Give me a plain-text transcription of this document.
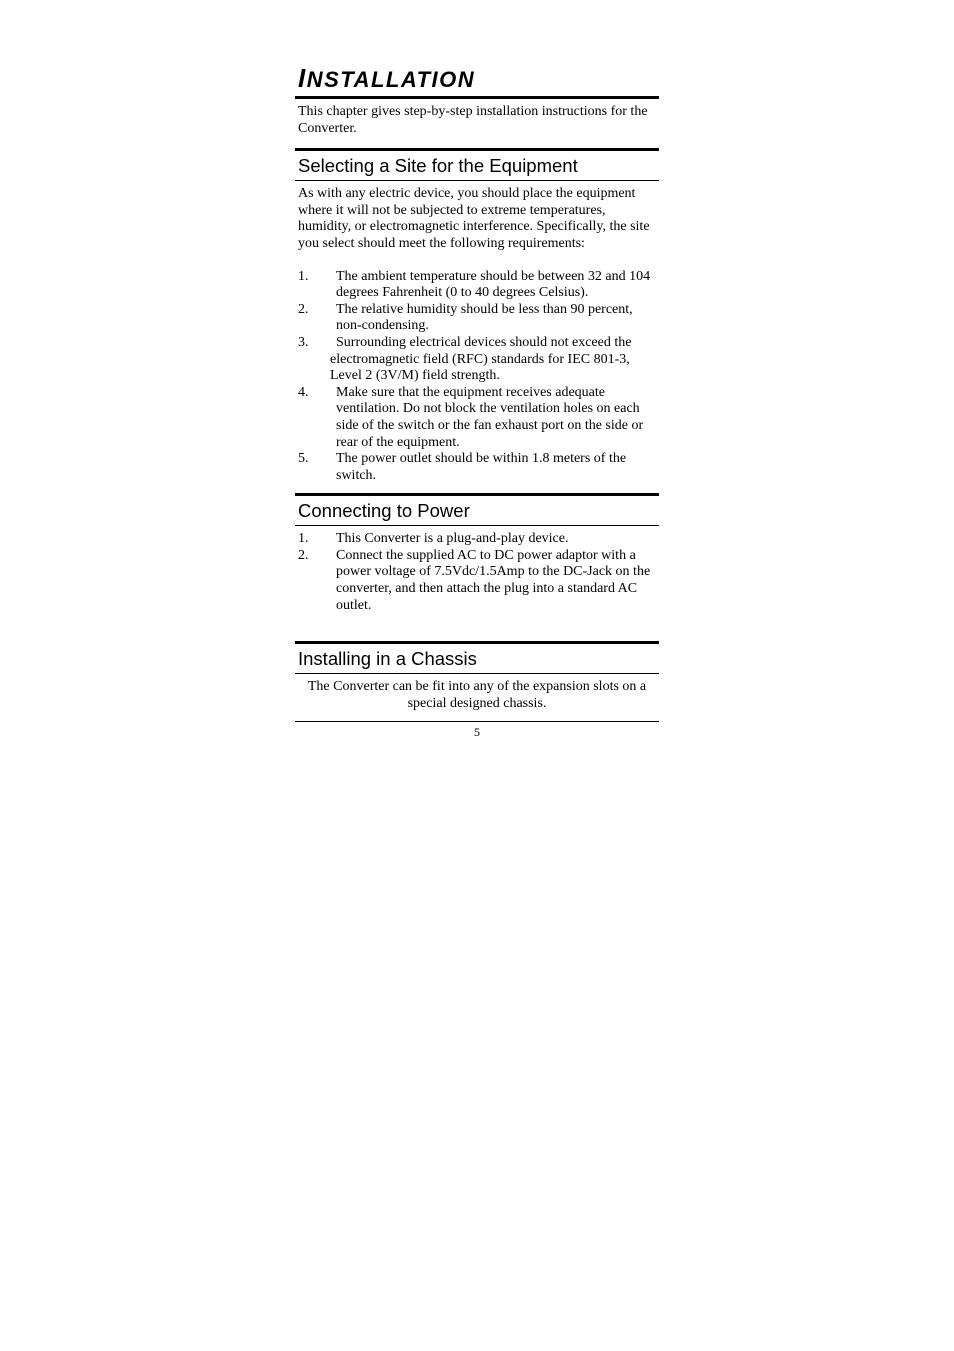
INSTALLATION

This chapter gives step-by-step installation instructions for the Converter.

Selecting a Site for the Equipment

As with any electric device, you should place the equipment where it will not be subjected to extreme temperatures, humidity, or electromagnetic interference. Specifically, the site you select should meet the following requirements:

1. The ambient temperature should be between 32 and 104 degrees Fahrenheit (0 to 40 degrees Celsius).
2. The relative humidity should be less than 90 percent, non-condensing.
3. Surrounding electrical devices should not exceed the
electromagnetic field (RFC) standards for IEC 801-3, Level 2 (3V/M) field strength.
4. Make sure that the equipment receives adequate ventilation. Do not block the ventilation holes on each side of the switch or the fan exhaust port on the side or rear of the equipment.
5. The power outlet should be within 1.8 meters of the switch.
Connecting to Power
1. This Converter is a plug-and-play device.
2. Connect the supplied AC to DC power adaptor with a power voltage of 7.5Vdc/1.5Amp to the DC-Jack on the converter, and then attach the plug into a standard AC outlet.
Installing in a Chassis

The Converter can be fit into any of the expansion slots on a special designed chassis.

5
